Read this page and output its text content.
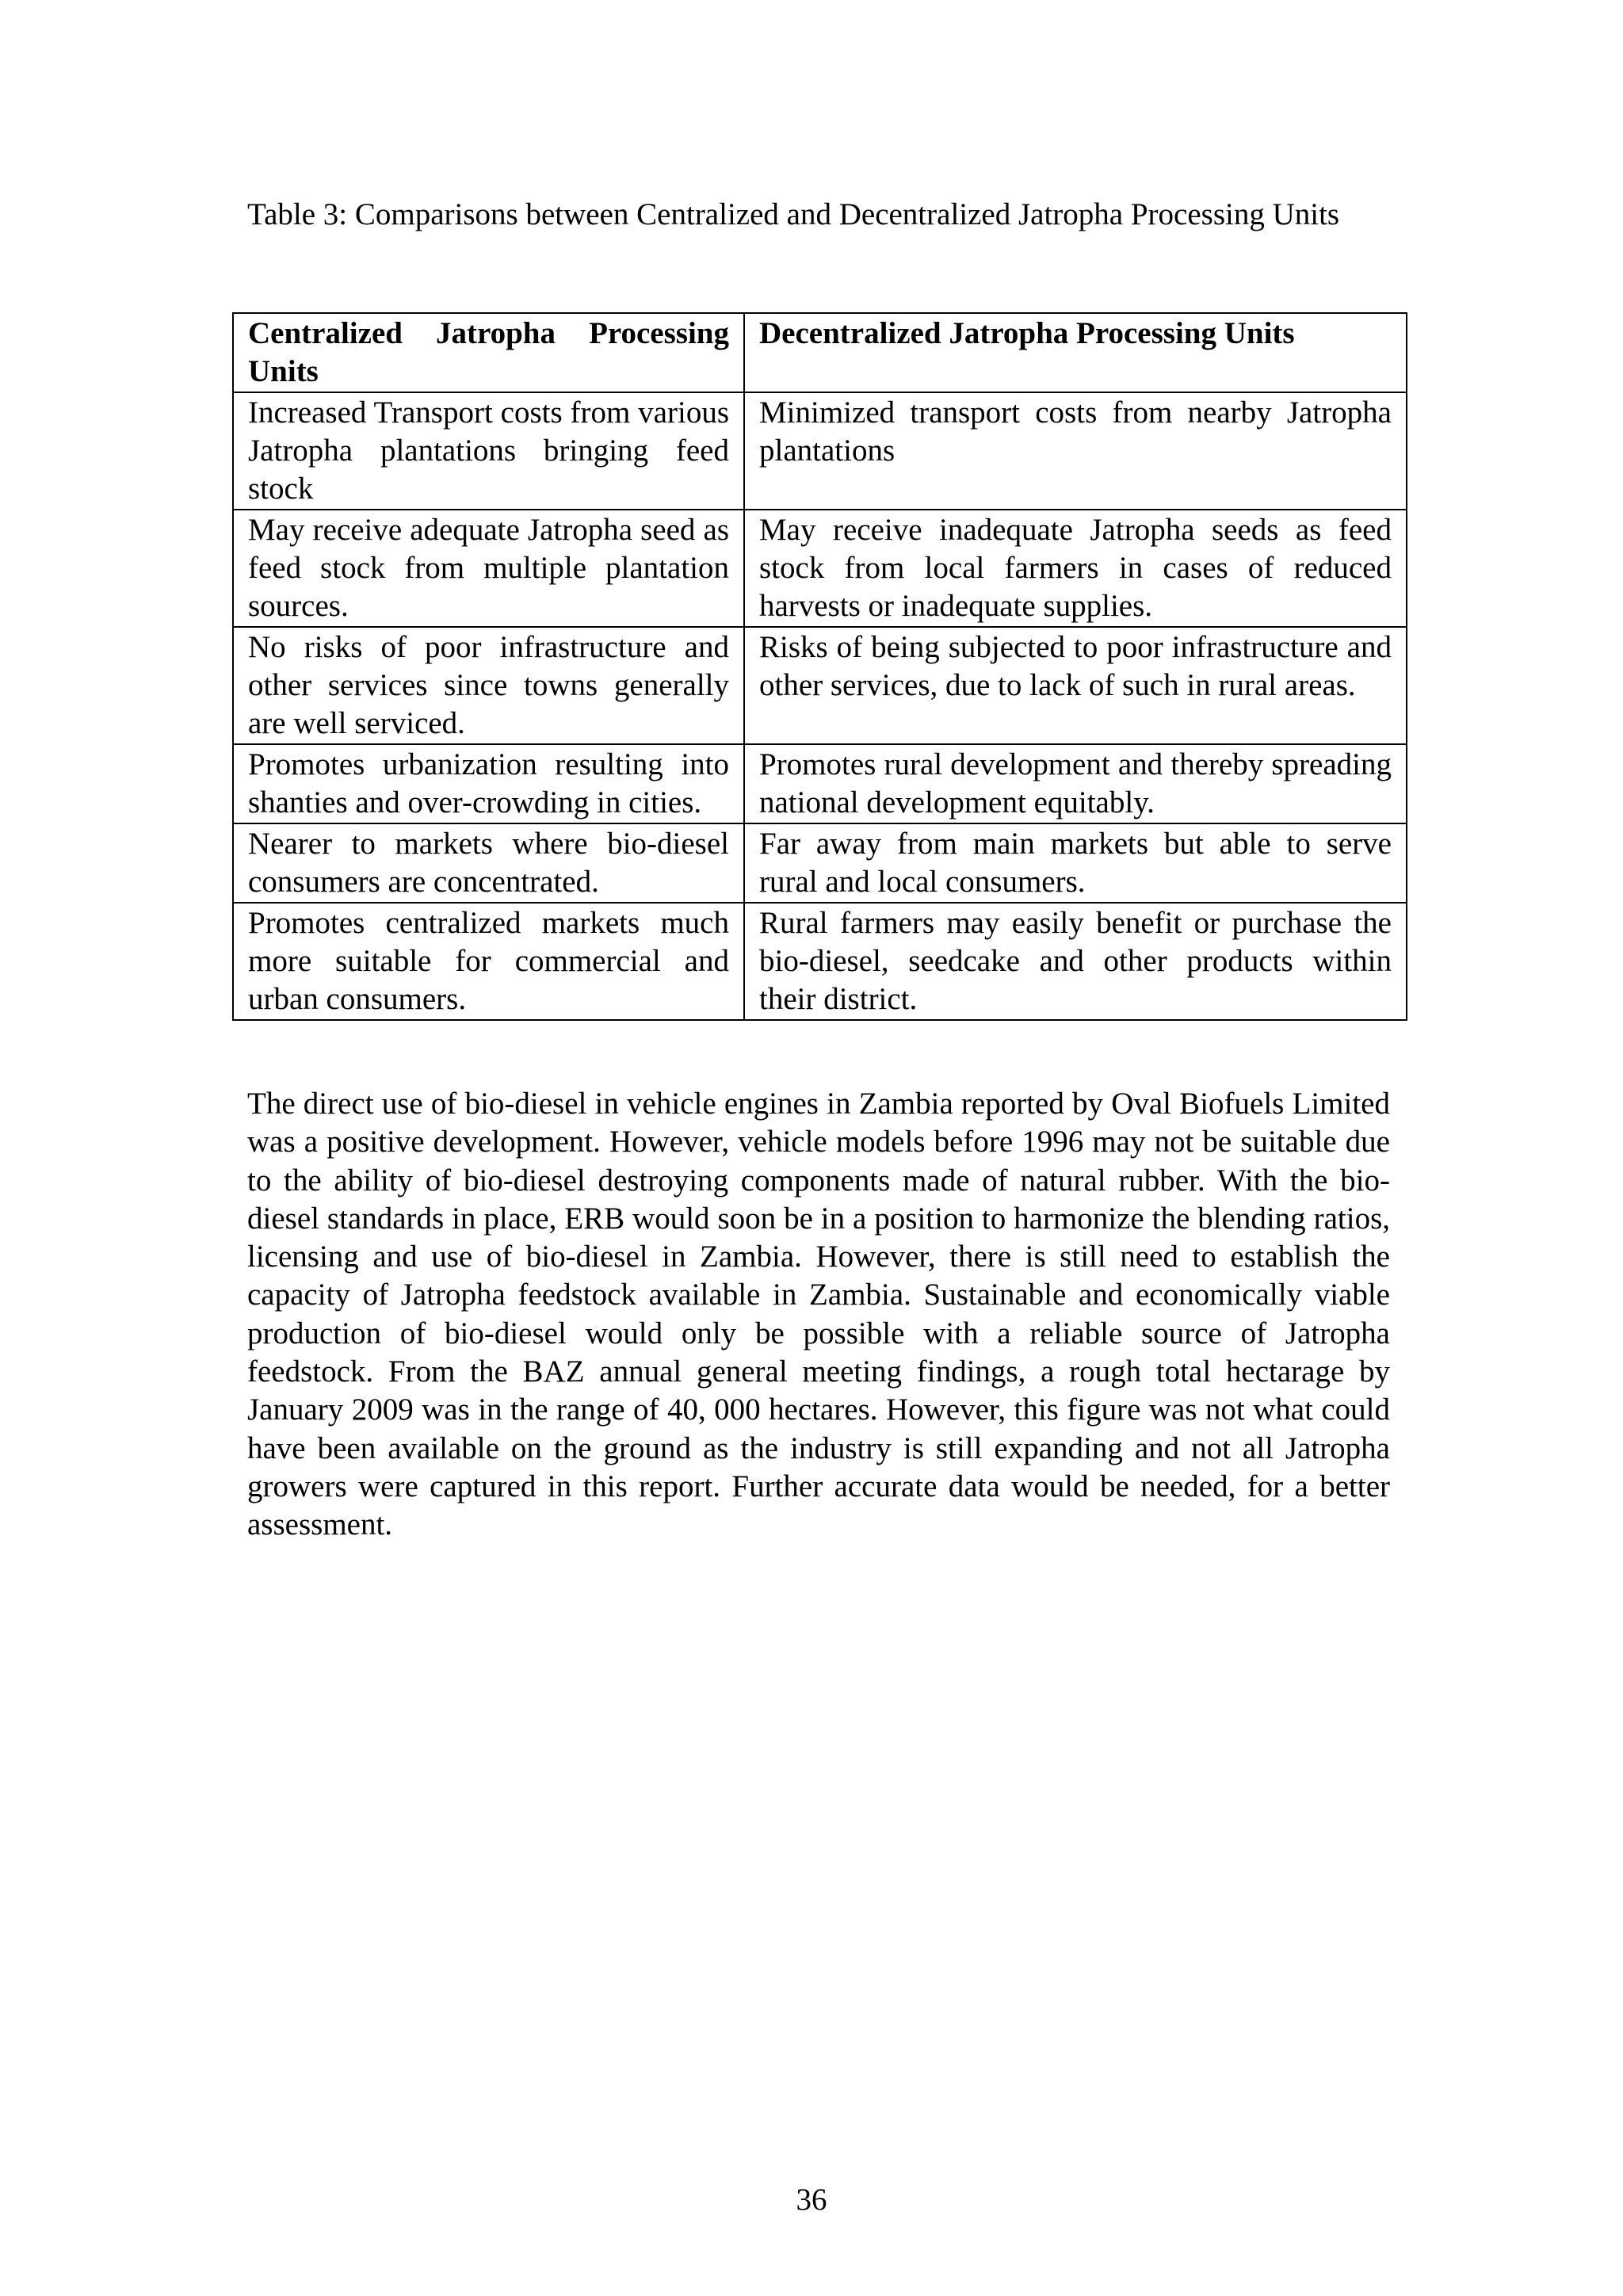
Table 3: Comparisons between Centralized and Decentralized Jatropha Processing Units

Centralized Jatropha Processing Units	Decentralized Jatropha Processing Units
Increased Transport costs from various Jatropha plantations bringing feed stock	Minimized transport costs from nearby Jatropha plantations
May receive adequate Jatropha seed as feed stock from multiple plantation sources.	May receive inadequate Jatropha seeds as feed stock from local farmers in cases of reduced harvests or inadequate supplies.
No risks of poor infrastructure and other services since towns generally are well serviced.	Risks of being subjected to poor infrastructure and other services, due to lack of such in rural areas.
Promotes urbanization resulting into shanties and over-crowding in cities.	Promotes rural development and thereby spreading national development equitably.
Nearer to markets where bio-diesel consumers are concentrated.	Far away from main markets but able to serve rural and local consumers.
Promotes centralized markets much more suitable for commercial and urban consumers.	Rural farmers may easily benefit or purchase the bio-diesel, seedcake and other products within their district.

The direct use of bio-diesel in vehicle engines in Zambia reported by Oval Biofuels Limited was a positive development. However, vehicle models before 1996 may not be suitable due to the ability of bio-diesel destroying components made of natural rubber. With the bio-diesel standards in place, ERB would soon be in a position to harmonize the blending ratios, licensing and use of bio-diesel in Zambia. However, there is still need to establish the capacity of Jatropha feedstock available in Zambia. Sustainable and economically viable production of bio-diesel would only be possible with a reliable source of Jatropha feedstock. From the BAZ annual general meeting findings, a rough total hectarage by January 2009 was in the range of 40, 000 hectares. However, this figure was not what could have been available on the ground as the industry is still expanding and not all Jatropha growers were captured in this report. Further accurate data would be needed, for a better assessment.

36
